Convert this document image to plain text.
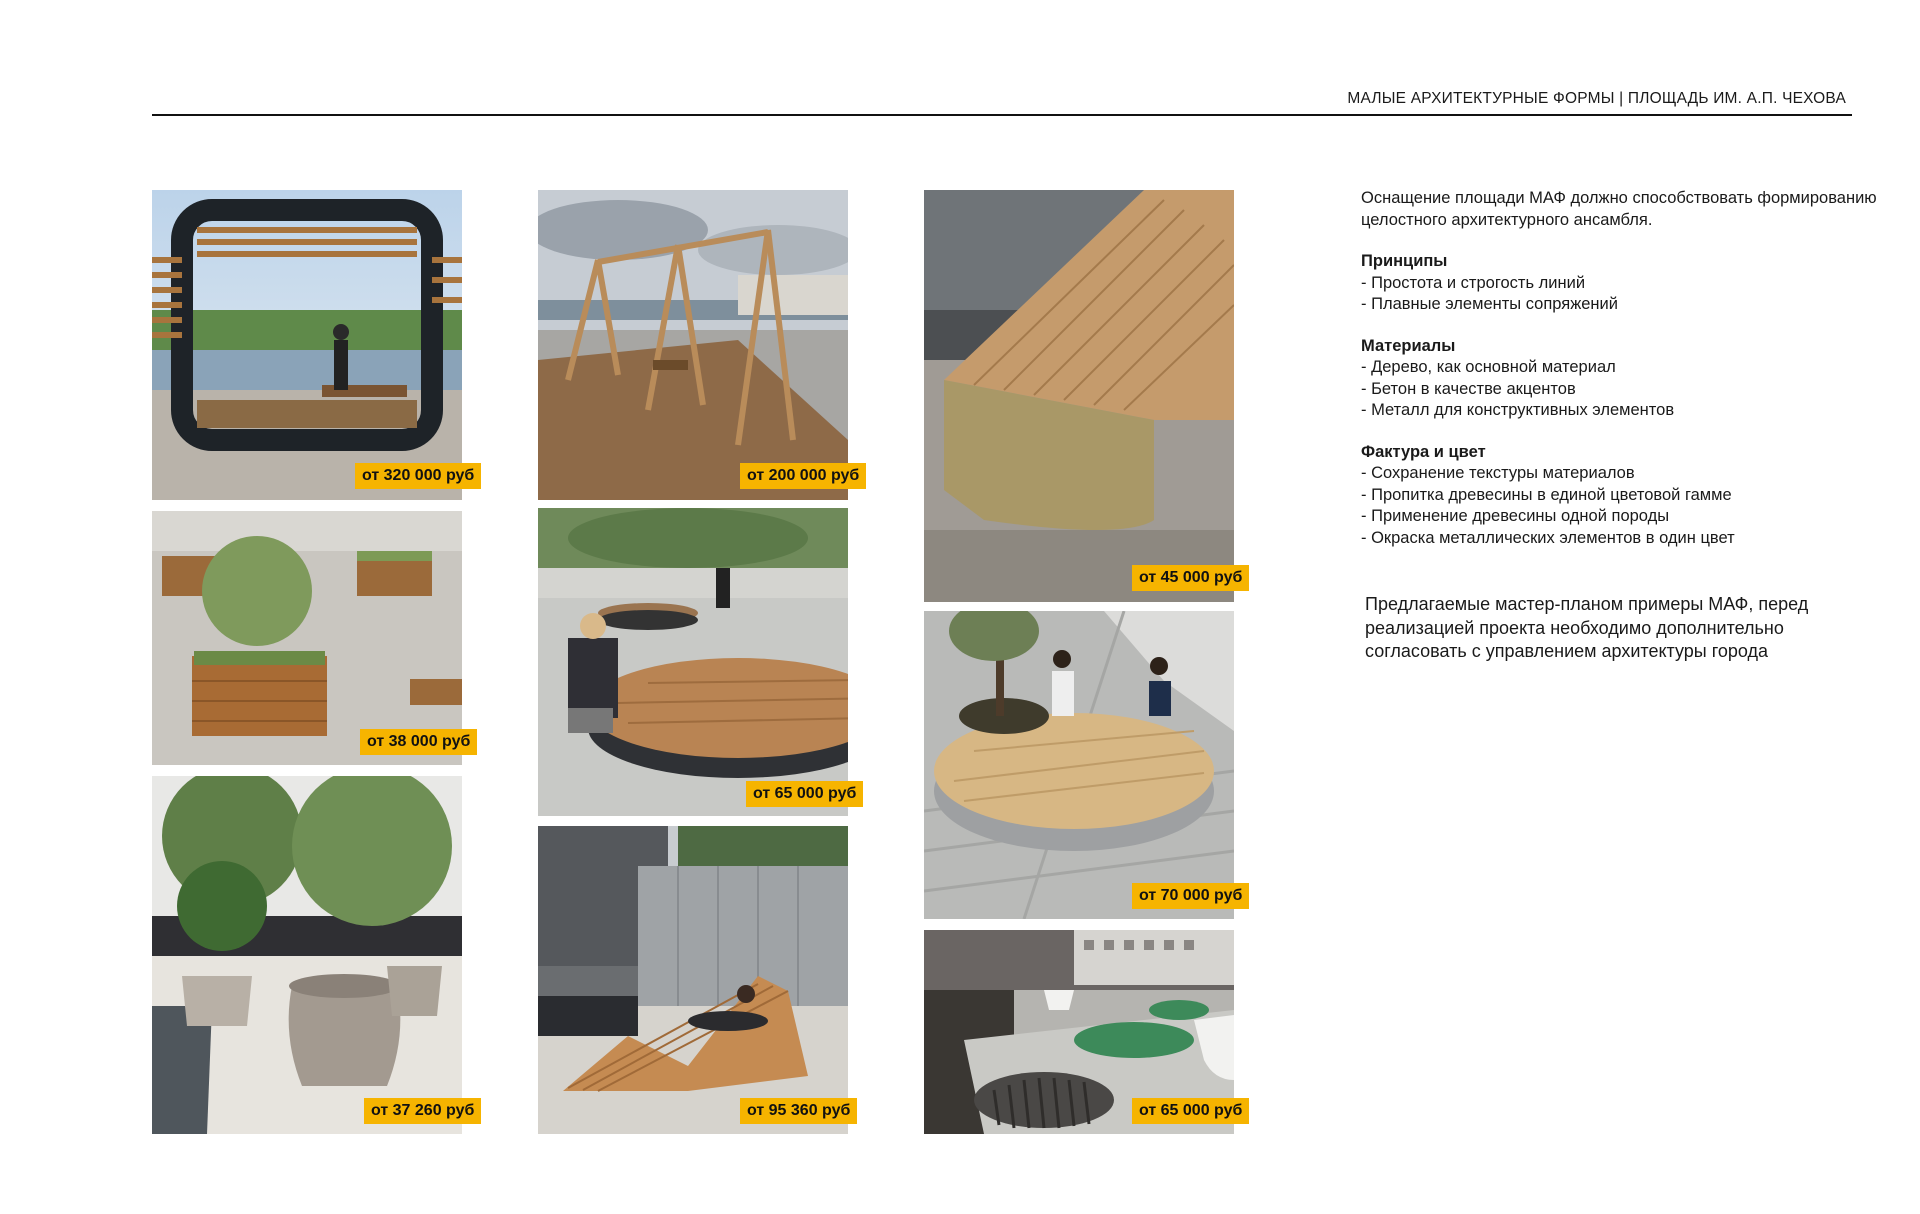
МАЛЫЕ АРХИТЕКТУРНЫЕ ФОРМЫ | ПЛОЩАДЬ ИМ. А.П. ЧЕХОВА
от 320 000 руб
от 38 000 руб
от 37 260 руб
от 200 000 руб
от 65 000 руб
от 95 360 руб
от 45 000 руб
от 70 000 руб
от 65 000 руб

Оснащение площади МАФ должно способствовать формированию целостного архитектурного ансамбля.

Принципы

- Простота и строгость линий

- Плавные элементы сопряжений

Материалы

- Дерево, как основной материал

- Бетон в качестве акцентов

- Металл для конструктивных элементов

Фактура и цвет

- Сохранение текстуры материалов

- Пропитка древесины в единой цветовой гамме

- Применение древесины одной породы

- Окраска металлических элементов в один цвет

Предлагаемые мастер-планом примеры МАФ, перед реализацией проекта необходимо дополнительно согласовать с управлением архитектуры города
